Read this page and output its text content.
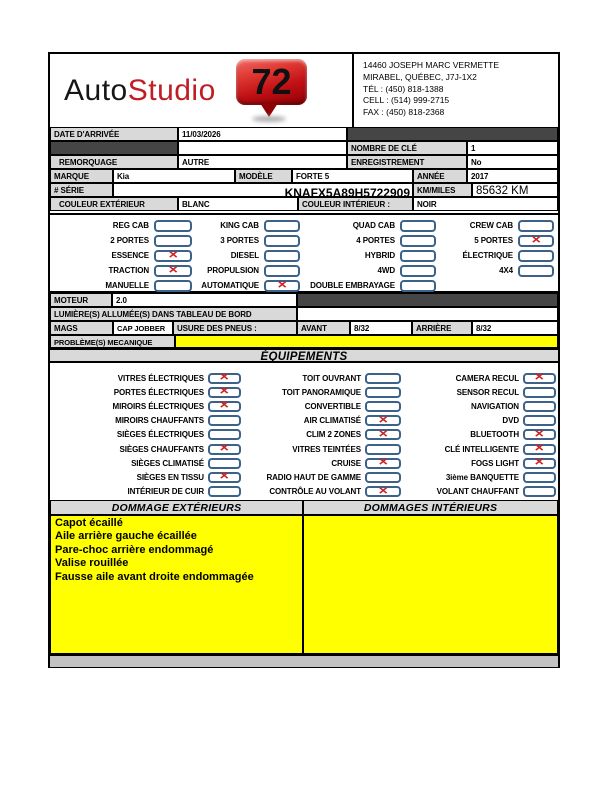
AutoStudio 72	14460 JOSEPH MARC VERMETTE
MIRABEL, QUÉBEC, J7J-1X2
TÉL : (450) 818-1388
CELL : (514) 999-2715
FAX : (450) 818-2368
DATE D'ARRIVÉE	11/03/2026
NOMBRE DE CLÉ	1
REMORQUAGE	AUTRE	ENREGISTREMENT	No
MARQUE	Kia	MODÈLE	FORTE 5	ANNÉE	2017
# SÉRIE	KNAFX5A89H5722909 KM/MILES	85632 KM
COULEUR EXTÉRIEUR	BLANC	COULEUR INTÉRIEUR :	NOIR
REG CAB	KING CAB	QUAD CAB	CREW CAB
2 PORTES	3 PORTES	4 PORTES	5 PORTES ✕
ESSENCE ✕	DIESEL	HYBRID	ÉLECTRIQUE
TRACTION ✕	PROPULSION	4WD	4X4
MANUELLE	AUTOMATIQUE ✕	DOUBLE EMBRAYAGE
MOTEUR	2.0
LUMIÈRE(S) ALLUMÉE(S) DANS TABLEAU DE BORD
MAGS	CAP JOBBER	USURE DES PNEUS :	AVANT	8/32	ARRIÈRE	8/32
PROBLÈME(S) MECANIQUE
ÉQUIPEMENTS
VITRES ÉLECTRIQUES ✕	TOIT OUVRANT	CAMERA RECUL ✕
PORTES ÉLECTRIQUES ✕	TOIT PANORAMIQUE	SENSOR RECUL
MIROIRS ÉLECTRIQUES ✕	CONVERTIBLE	NAVIGATION
MIROIRS CHAUFFANTS	AIR CLIMATISÉ ✕	DVD
SIÈGES ÉLECTRIQUES	CLIM 2 ZONES ✕	BLUETOOTH ✕
SIÈGES CHAUFFANTS ✕	VITRES TEINTÉES	CLÉ INTELLIGENTE ✕
SIÈGES CLIMATISÉ	CRUISE ✕	FOGS LIGHT ✕
SIÈGES EN TISSU ✕	RADIO HAUT DE GAMME	3ième BANQUETTE
INTÉRIEUR DE CUIR	CONTRÔLE AU VOLANT ✕	VOLANT CHAUFFANT
DOMMAGE EXTÉRIEURS	DOMMAGES INTÉRIEURS
Capot écaillé
Aile arrière gauche écaillée
Pare-choc arrière endommagé
Valise rouillée
Fausse aile avant droite endommagée
